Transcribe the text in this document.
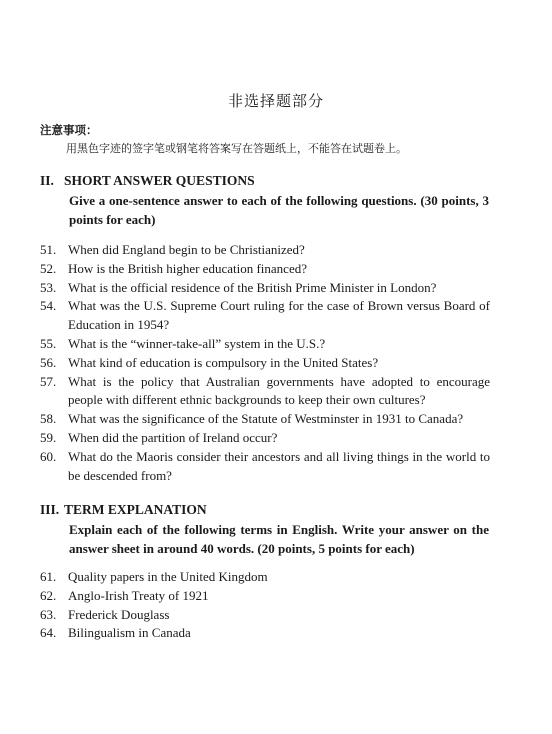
非选择题部分
注意事项：
用黑色字迹的签字笔或钢笔将答案写在答题纸上，不能答在试题卷上。
II. SHORT ANSWER QUESTIONS
Give a one-sentence answer to each of the following questions. (30 points, 3 points for each)
51. When did England begin to be Christianized?
52. How is the British higher education financed?
53. What is the official residence of the British Prime Minister in London?
54. What was the U.S. Supreme Court ruling for the case of Brown versus Board of Education in 1954?
55. What is the “winner-take-all” system in the U.S.?
56. What kind of education is compulsory in the United States?
57. What is the policy that Australian governments have adopted to encourage people with different ethnic backgrounds to keep their own cultures?
58. What was the significance of the Statute of Westminster in 1931 to Canada?
59. When did the partition of Ireland occur?
60. What do the Maoris consider their ancestors and all living things in the world to be descended from?
III. TERM EXPLANATION
Explain each of the following terms in English. Write your answer on the answer sheet in around 40 words. (20 points, 5 points for each)
61. Quality papers in the United Kingdom
62. Anglo-Irish Treaty of 1921
63. Frederick Douglass
64. Bilingualism in Canada
